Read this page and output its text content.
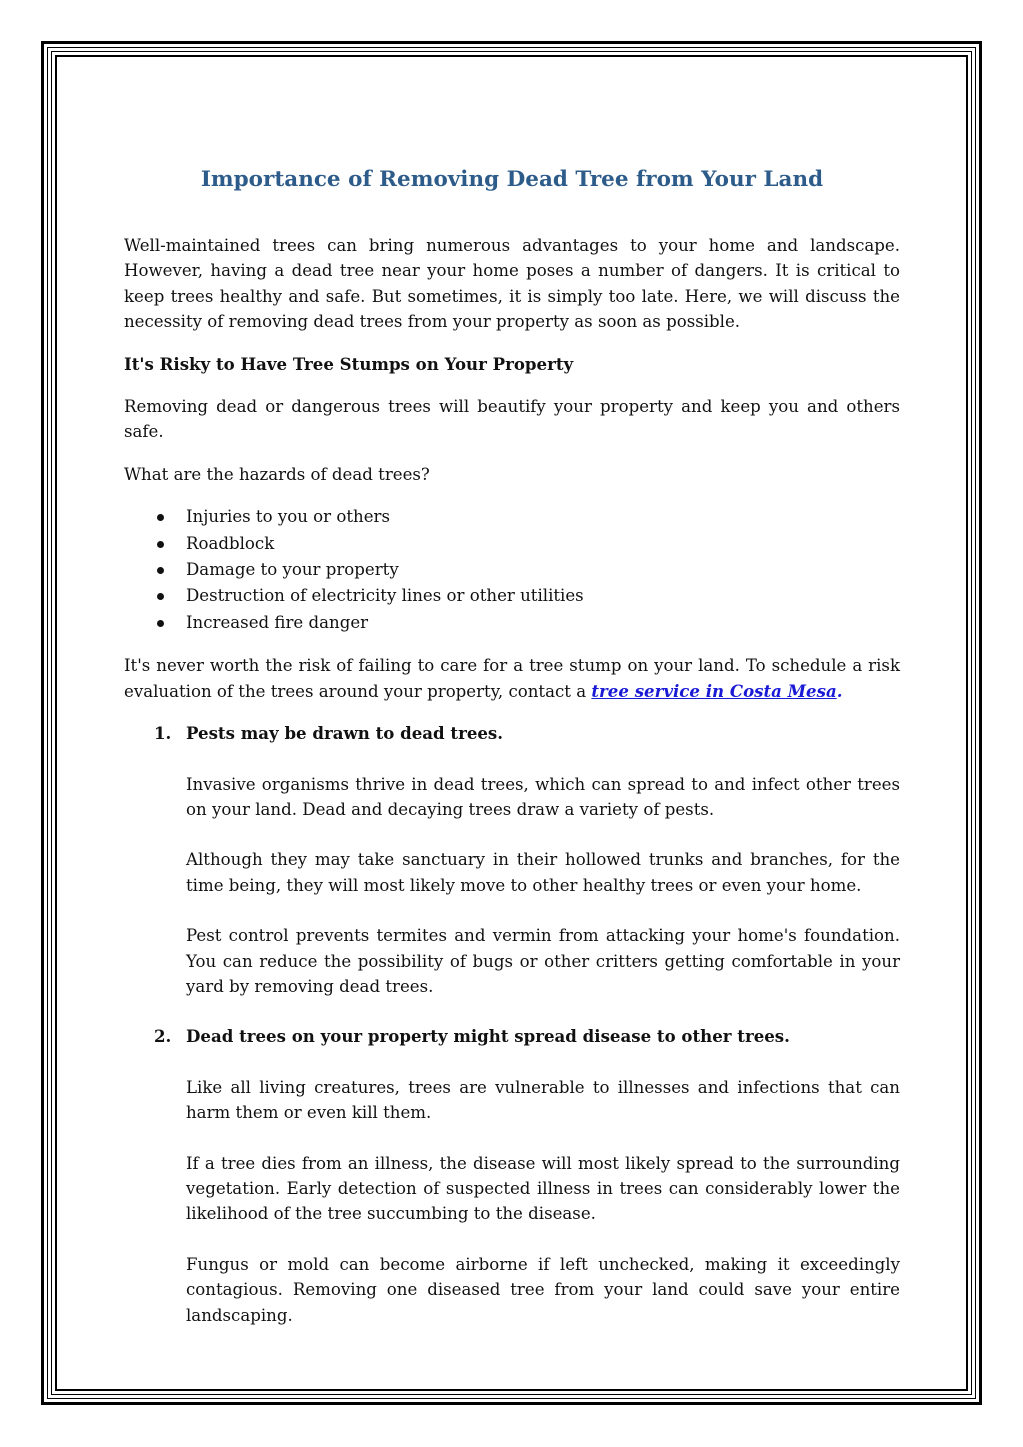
Importance of Removing Dead Tree from Your Land

Well-maintained trees can bring numerous advantages to your home and landscape. However, having a dead tree near your home poses a number of dangers. It is critical to keep trees healthy and safe. But sometimes, it is simply too late. Here, we will discuss the necessity of removing dead trees from your property as soon as possible.

It's Risky to Have Tree Stumps on Your Property

Removing dead or dangerous trees will beautify your property and keep you and others safe.

What are the hazards of dead trees?

Injuries to you or others
Roadblock
Damage to your property
Destruction of electricity lines or other utilities
Increased fire danger

It's never worth the risk of failing to care for a tree stump on your land. To schedule a risk evaluation of the trees around your property, contact a tree service in Costa Mesa.

1. Pests may be drawn to dead trees.

Invasive organisms thrive in dead trees, which can spread to and infect other trees on your land. Dead and decaying trees draw a variety of pests.

Although they may take sanctuary in their hollowed trunks and branches, for the time being, they will most likely move to other healthy trees or even your home.

Pest control prevents termites and vermin from attacking your home's foundation. You can reduce the possibility of bugs or other critters getting comfortable in your yard by removing dead trees.

2. Dead trees on your property might spread disease to other trees.

Like all living creatures, trees are vulnerable to illnesses and infections that can harm them or even kill them.

If a tree dies from an illness, the disease will most likely spread to the surrounding vegetation. Early detection of suspected illness in trees can considerably lower the likelihood of the tree succumbing to the disease.

Fungus or mold can become airborne if left unchecked, making it exceedingly contagious. Removing one diseased tree from your land could save your entire landscaping.
